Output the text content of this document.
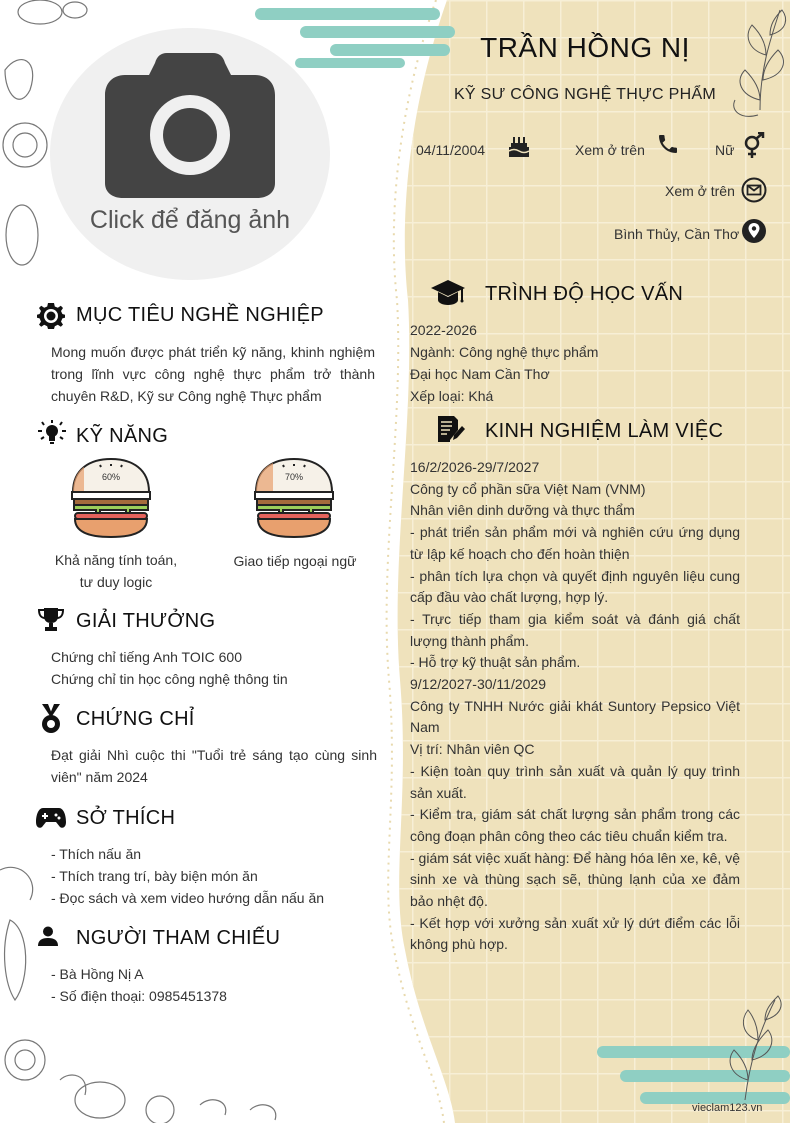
Click để đăng ảnh
TRẦN HỒNG NỊ
KỸ SƯ CÔNG NGHỆ THỰC PHẨM
04/11/2004	Xem ở trên	Nữ
Xem ở trên
Bình Thủy, Cần Thơ
MỤC TIÊU NGHỀ NGHIỆP
Mong muốn được phát triển kỹ năng, khinh nghiệm trong lĩnh vực công nghệ thực phẩm trở thành chuyên R&D, Kỹ sư Công nghệ Thực phẩm
KỸ NĂNG
60%
Khả năng tính toán,
tư duy logic
70%
Giao tiếp ngoại ngữ
GIẢI THƯỞNG
Chứng chỉ tiếng Anh TOIC 600
Chứng chỉ tin học công nghệ thông tin
CHỨNG CHỈ
Đạt giải Nhì cuộc thi "Tuổi trẻ sáng tạo cùng sinh viên" năm 2024
SỞ THÍCH
- Thích nấu ăn
- Thích trang trí, bày biện món ăn
- Đọc sách và xem video hướng dẫn nấu ăn
NGƯỜI THAM CHIẾU
- Bà Hồng Nị A
- Số điện thoại: 0985451378
TRÌNH ĐỘ HỌC VẤN
2022-2026
Ngành: Công nghệ thực phẩm
Đại học Nam Cần Thơ
Xếp loại: Khá
KINH NGHIỆM LÀM VIỆC
16/2/2026-29/7/2027
Công ty cổ phần sữa Việt Nam (VNM)
Nhân viên dinh dưỡng và thực thẩm
- phát triển sản phẩm mới và nghiên cứu ứng dụng từ lập kế hoạch cho đến hoàn thiện
- phân tích lựa chọn và quyết định nguyên liệu cung cấp đầu vào chất lượng, hợp lý.
- Trực tiếp tham gia kiểm soát và đánh giá chất lượng thành phẩm.
- Hỗ trợ kỹ thuật sản phẩm.
9/12/2027-30/11/2029
Công ty TNHH Nước giải khát Suntory Pepsico Việt Nam
Vị trí: Nhân viên QC
- Kiện toàn quy trình sản xuất và quản lý quy trình sản xuất.
- Kiểm tra, giám sát chất lượng sản phẩm trong các công đoạn phân công theo các tiêu chuẩn kiểm tra.
- giám sát việc xuất hàng: Để hàng hóa lên xe, kê, vệ sinh xe và thùng sạch sẽ, thùng lạnh của xe đảm bảo nhệt độ.
- Kết hợp với xưởng sản xuất xử lý dứt điểm các lỗi không phù hợp.
vieclam123.vn
